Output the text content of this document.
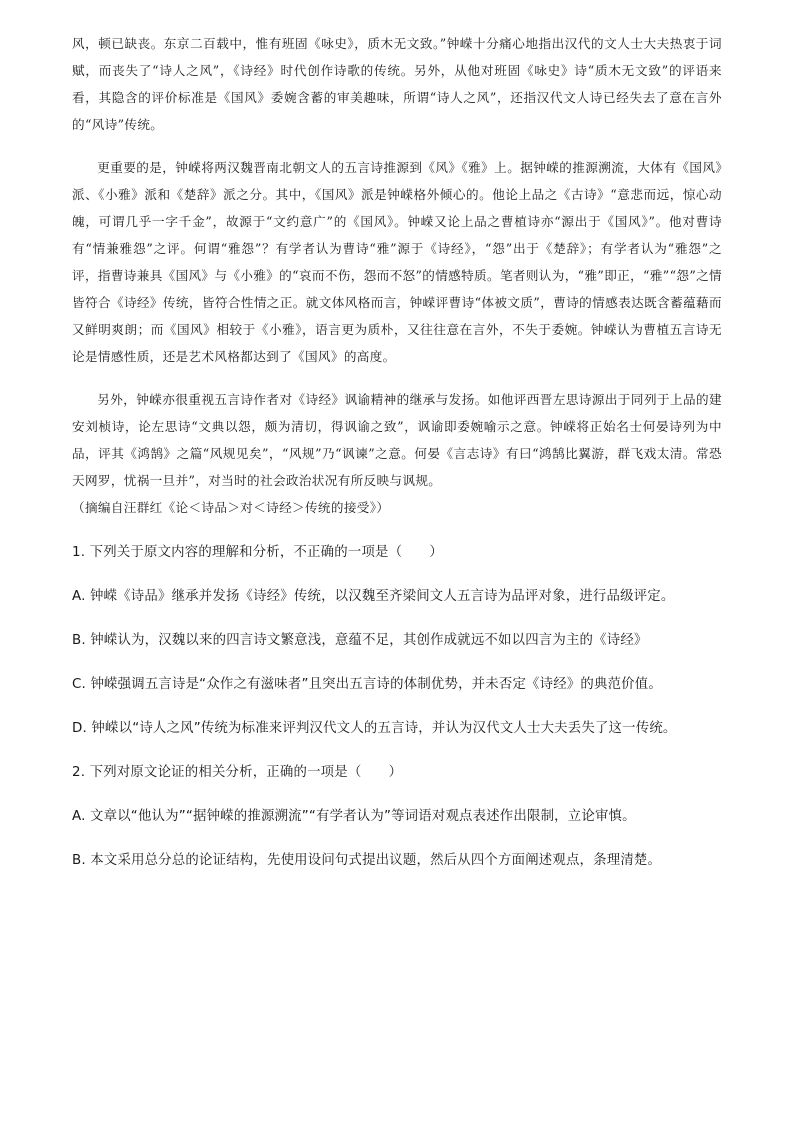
风，顿已缺丧。东京二百载中，惟有班固《咏史》，质木无文致。”钟嵘十分痛心地指出汉代的文人士大夫热衷于词赋，而丧失了“诗人之风”，《诗经》时代创作诗歌的传统。另外，从他对班固《咏史》诗“质木无文致”的评语来看，其隐含的评价标准是《国风》委婉含蓄的审美趣味，所谓“诗人之风”，还指汉代文人诗已经失去了意在言外的“风诗”传统。

更重要的是，钟嵘将两汉魏晋南北朝文人的五言诗推源到《风》《雅》上。据钟嵘的推源溯流，大体有《国风》派、《小雅》派和《楚辞》派之分。其中，《国风》派是钟嵘格外倾心的。他论上品之《古诗》“意悲而远，惊心动魄，可谓几乎一字千金”，故源于“文约意广”的《国风》。钟嵘又论上品之曹植诗亦“源出于《国风》”。他对曹诗有“情兼雅怨”之评。何谓“雅怨”？有学者认为曹诗“雅”源于《诗经》，“怨”出于《楚辞》；有学者认为“雅怨”之评，指曹诗兼具《国风》与《小雅》的“哀而不伤，怨而不怒”的情感特质。笔者则认为，“雅”即正，“雅”“怨”之情皆符合《诗经》传统，皆符合性情之正。就文体风格而言，钟嵘评曹诗“体被文质”，曹诗的情感表达既含蓄蕴藉而又鲜明爽朗；而《国风》相较于《小雅》，语言更为质朴，又往往意在言外，不失于委婉。钟嵘认为曹植五言诗无论是情感性质，还是艺术风格都达到了《国风》的高度。

另外，钟嵘亦很重视五言诗作者对《诗经》讽谕精神的继承与发扬。如他评西晋左思诗源出于同列于上品的建安刘桢诗，论左思诗“文典以怨，颇为清切，得讽谕之致”，讽谕即委婉喻示之意。钟嵘将正始名士何晏诗列为中品，评其《鸿鹄》之篇“风规见矣”，“风规”乃“讽谏”之意。何晏《言志诗》有曰“鸿鹄比翼游，群飞戏太清。常恐天网罗，忧祸一旦并”，对当时的社会政治状况有所反映与讽规。

（摘编自汪群红《论＜诗品＞对＜诗经＞传统的接受》）

1. 下列关于原文内容的理解和分析，不正确的一项是（　　）

A. 钟嵘《诗品》继承并发扬《诗经》传统，以汉魏至齐梁间文人五言诗为品评对象，进行品级评定。

B. 钟嵘认为，汉魏以来的四言诗文繁意浅，意蕴不足，其创作成就远不如以四言为主的《诗经》

C. 钟嵘强调五言诗是“众作之有滋味者”且突出五言诗的体制优势，并未否定《诗经》的典范价值。

D. 钟嵘以“诗人之风”传统为标准来评判汉代文人的五言诗，并认为汉代文人士大夫丢失了这一传统。

2. 下列对原文论证的相关分析，正确的一项是（　　）

A. 文章以“他认为”“据钟嵘的推源溯流”“有学者认为”等词语对观点表述作出限制，立论审慎。

B. 本文采用总分总的论证结构，先使用设问句式提出议题，然后从四个方面阐述观点，条理清楚。
